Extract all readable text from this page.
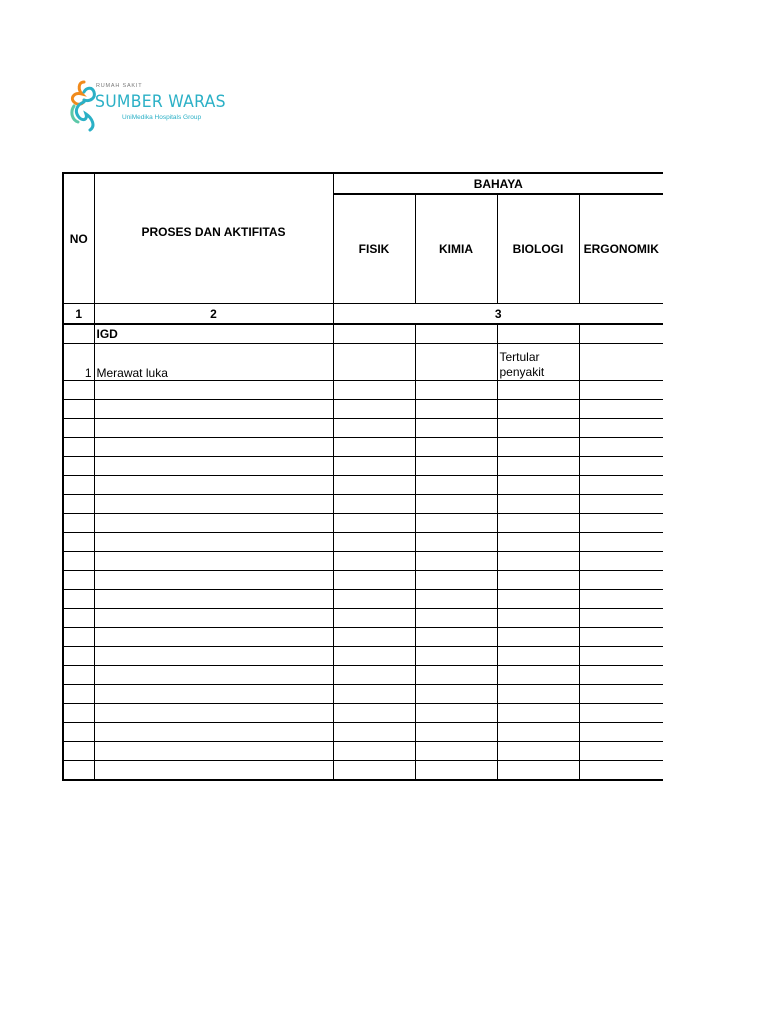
RUMAH SAKIT
SUMBER WARAS
UniMedika Hospitals Group
NO	PROSES DAN AKTIFITAS	BAHAYA			
		FISIK	KIMIA	BIOLOGI	ERGONOMIK
1	2	3			
	IGD				
1	Merawat luka			Tertular penyakit	
